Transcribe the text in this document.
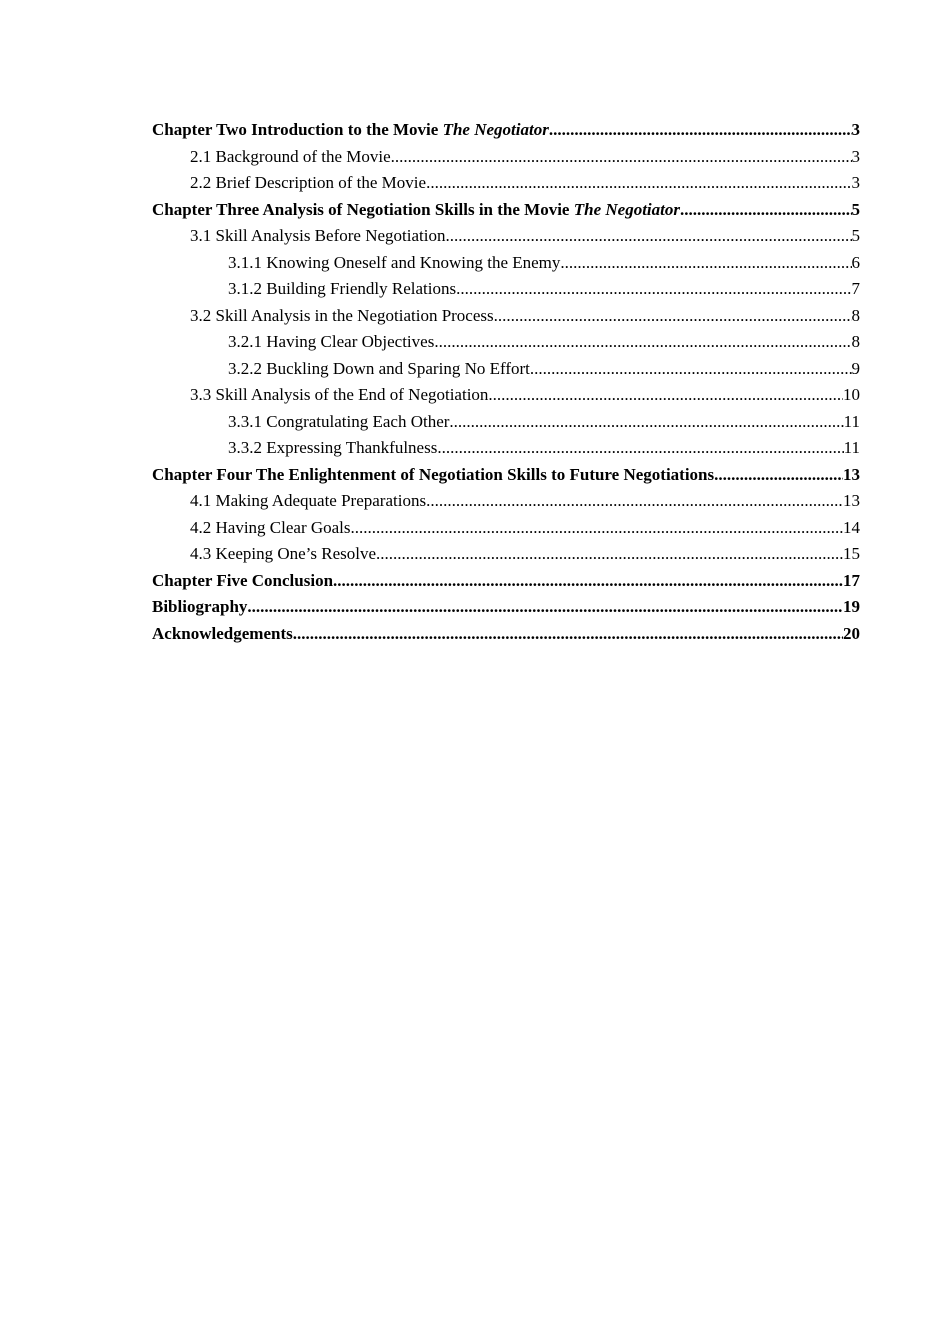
Chapter Two Introduction to the Movie The Negotiator .....	3
2.1 Background of the Movie .....	3
2.2 Brief Description of the Movie .....	3
Chapter Three Analysis of Negotiation Skills in the Movie The Negotiator .....	5
3.1 Skill Analysis Before Negotiation .....	5
3.1.1 Knowing Oneself and Knowing the Enemy .....	6
3.1.2 Building Friendly Relations .....	7
3.2 Skill Analysis in the Negotiation Process .....	8
3.2.1 Having Clear Objectives .....	8
3.2.2 Buckling Down and Sparing No Effort .....	9
3.3 Skill Analysis of the End of Negotiation .....	10
3.3.1 Congratulating Each Other .....	11
3.3.2 Expressing Thankfulness .....	11
Chapter Four The Enlightenment of Negotiation Skills to Future Negotiations .....	13
4.1 Making Adequate Preparations .....	13
4.2 Having Clear Goals .....	14
4.3 Keeping One’s Resolve .....	15
Chapter Five Conclusion .....	17
Bibliography .....	19
Acknowledgements .....	20
